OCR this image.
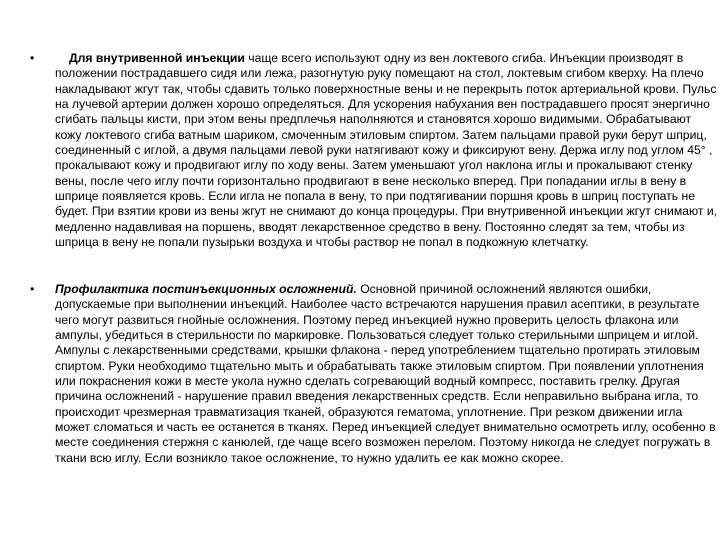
•	Для внутривенной инъекции чаще всего используют одну из вен локтевого сгиба. Инъекции производят в положении пострадавшего сидя или лежа, разогнутую руку помещают на стол, локтевым сгибом кверху. На плечо накладывают жгут так, чтобы сдавить только поверхностные вены и не перекрыть поток артериальной крови. Пульс на лучевой артерии должен хорошо определяться. Для ускорения набухания вен пострадавшего просят энергично сгибать пальцы кисти, при этом вены предплечья наполняются и становятся хорошо видимыми. Обрабатывают кожу локтевого сгиба ватным шариком, смоченным этиловым спиртом. Затем пальцами правой руки берут шприц, соединенный с иглой, а двумя пальцами левой руки натягивают кожу и фиксируют вену. Держа иглу под углом 45° , прокалывают кожу и продвигают иглу по ходу вены. Затем уменьшают угол наклона иглы и прокалывают стенку вены, после чего иглу почти горизонтально продвигают в вене несколько вперед. При попадании иглы в вену в шприце появляется кровь. Если игла не попала в вену, то при подтягивании поршня кровь в шприц поступать не будет. При взятии крови из вены жгут не снимают до конца процедуры. При внутривенной инъекции жгут снимают и, медленно надавливая на поршень, вводят лекарственное средство в вену. Постоянно следят за тем, чтобы из шприца в вену не попали пузырьки воздуха и чтобы раствор не попал в подкожную клетчатку.
•	Профилактика постинъекционных осложнений. Основной причиной осложнений являются ошибки, допускаемые при выполнении инъекций. Наиболее часто встречаются нарушения правил асептики, в результате чего могут развиться гнойные осложнения. Поэтому перед инъекцией нужно проверить целость флакона или ампулы, убедиться в стерильности по маркировке. Пользоваться следует только стерильными шприцем и иглой. Ампулы с лекарственными средствами, крышки флакона - перед употреблением тщательно протирать этиловым спиртом. Руки необходимо тщательно мыть и обрабатывать также этиловым спиртом. При появлении уплотнения или покраснения кожи в месте укола нужно сделать согревающий водный компресс, поставить грелку. Другая причина осложнений - нарушение правил введения лекарственных средств. Если неправильно выбрана игла, то происходит чрезмерная травматизация тканей, образуются гематома, уплотнение. При резком движении игла может сломаться и часть ее останется в тканях. Перед инъекцией следует внимательно осмотреть иглу, особенно в месте соединения стержня с канюлей, где чаще всего возможен перелом. Поэтому никогда не следует погружать в ткани всю иглу. Если возникло такое осложнение, то нужно удалить ее как можно скорее.
